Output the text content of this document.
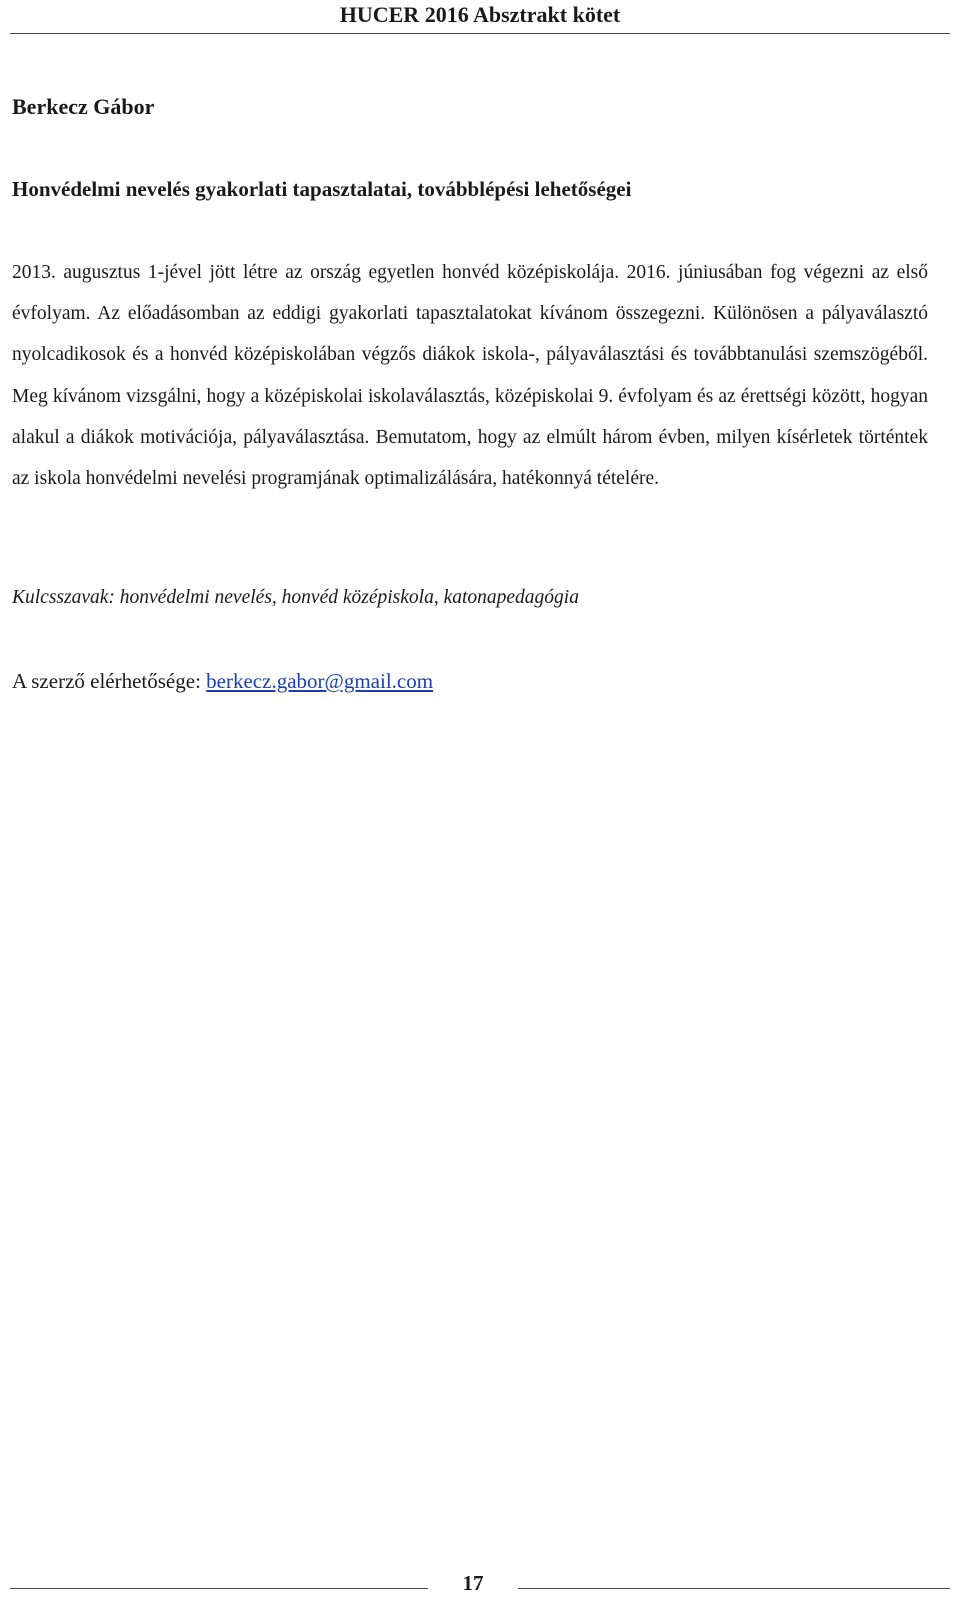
HUCER 2016 Absztrakt kötet
Berkecz Gábor
Honvédelmi nevelés gyakorlati tapasztalatai, továbblépési lehetőségei

2013. augusztus 1-jével jött létre az ország egyetlen honvéd középiskolája. 2016. júniusában fog végezni az első évfolyam. Az előadásomban az eddigi gyakorlati tapasztalatokat kívánom összegezni. Különösen a pályaválasztó nyolcadikosok és a honvéd középiskolában végzős diákok iskola-, pályaválasztási és továbbtanulási szemszögéből. Meg kívánom vizsgálni, hogy a középiskolai iskolaválasztás, középiskolai 9. évfolyam és az érettségi között, hogyan alakul a diákok motivációja, pályaválasztása. Bemutatom, hogy az elmúlt három évben, milyen kísérletek történtek az iskola honvédelmi nevelési programjának optimalizálására, hatékonnyá tételére.

Kulcsszavak: honvédelmi nevelés, honvéd középiskola, katonapedagógia
A szerző elérhetősége: berkecz.gabor@gmail.com
17
